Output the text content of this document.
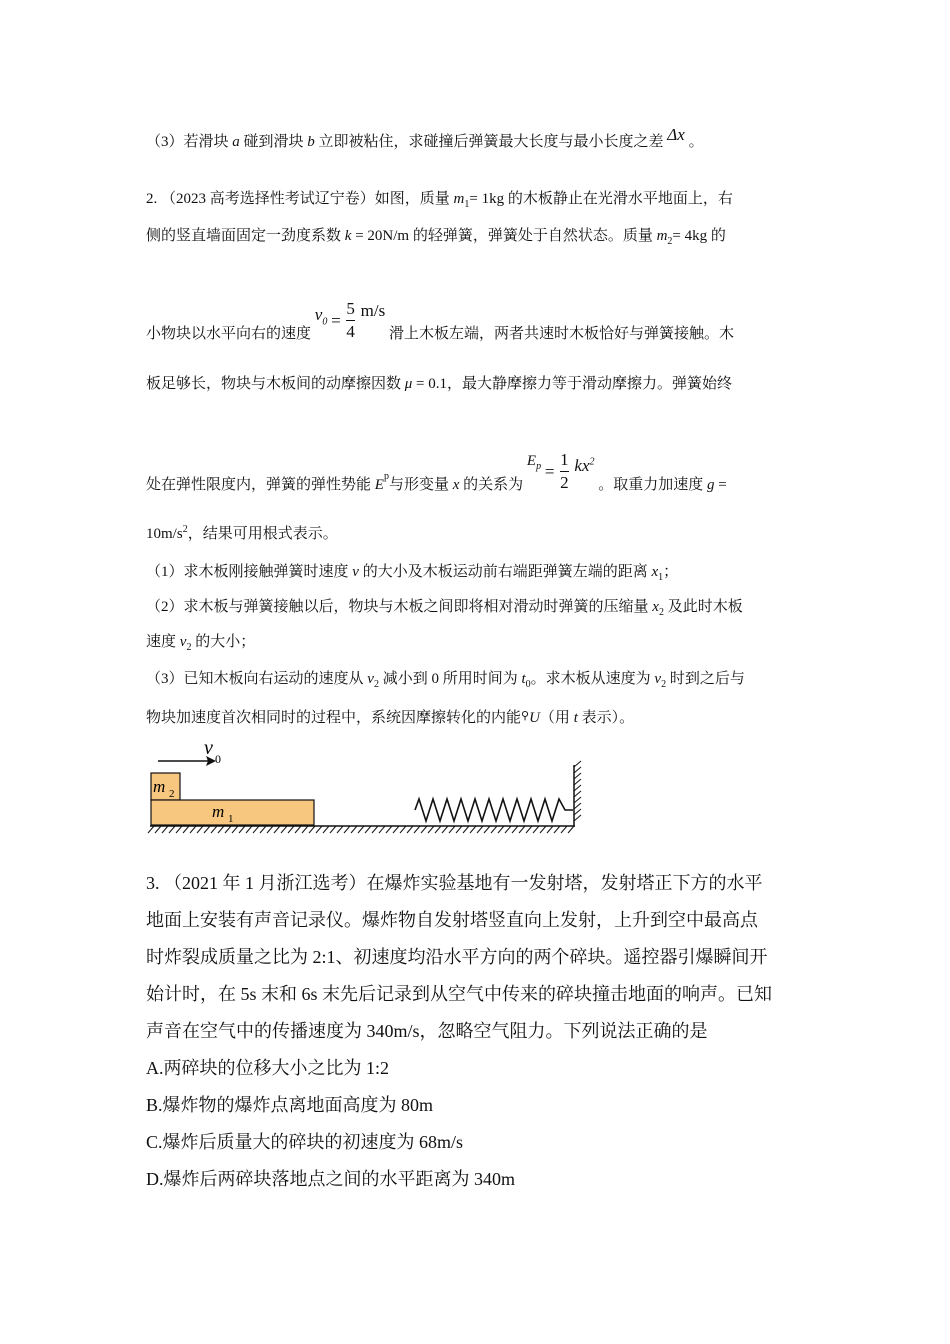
（3）若滑块 a 碰到滑块 b 立即被粘住，求碰撞后弹簧最大长度与最小长度之差 Δx 。
2. （2023 高考选择性考试辽宁卷）如图，质量 $m_1= 1kg$ 的木板静止在光滑水平地面上，右
侧的竖直墙面固定一劲度系数 k = 20N/m 的轻弹簧，弹簧处于自然状态。质量 $m_2= 4kg$ 的
小物块以水平向右的速度 $v_0 = \frac{5}{4} m/s$ 滑上木板左端，两者共速时木板恰好与弹簧接触。木
板足够长，物块与木板间的动摩擦因数 μ = 0.1，最大静摩擦力等于滑动摩擦力。弹簧始终
处在弹性限度内，弹簧的弹性势能 $E_p$与形变量 x 的关系为 $E_p = \frac{1}{2} kx^2$ 。取重力加速度 g =
$10m/s^2$，结果可用根式表示。
（1）求木板刚接触弹簧时速度 v 的大小及木板运动前右端距弹簧左端的距离 $x_1$；
（2）求木板与弹簧接触以后，物块与木板之间即将相对滑动时弹簧的压缩量 $x_2$ 及此时木板
速度 $v_2$ 的大小；
（3）已知木板向右运动的速度从 $v_2$ 减小到 0 所用时间为 $t_0$。求木板从速度为 $v_2$ 时到之后与
物块加速度首次相同时的过程中，系统因摩擦转化的内能⚲U（用 t 表示）。
v 0
m 2
m 1
3. （2021 年 1 月浙江选考）在爆炸实验基地有一发射塔，发射塔正下方的水平
地面上安装有声音记录仪。爆炸物自发射塔竖直向上发射，上升到空中最高点
时炸裂成质量之比为 2:1、初速度均沿水平方向的两个碎块。遥控器引爆瞬间开
始计时，在 5s 末和 6s 末先后记录到从空气中传来的碎块撞击地面的响声。已知
声音在空气中的传播速度为 340m/s，忽略空气阻力。下列说法正确的是
A.两碎块的位移大小之比为 1:2
B.爆炸物的爆炸点离地面高度为 80m
C.爆炸后质量大的碎块的初速度为 68m/s
D.爆炸后两碎块落地点之间的水平距离为 340m
